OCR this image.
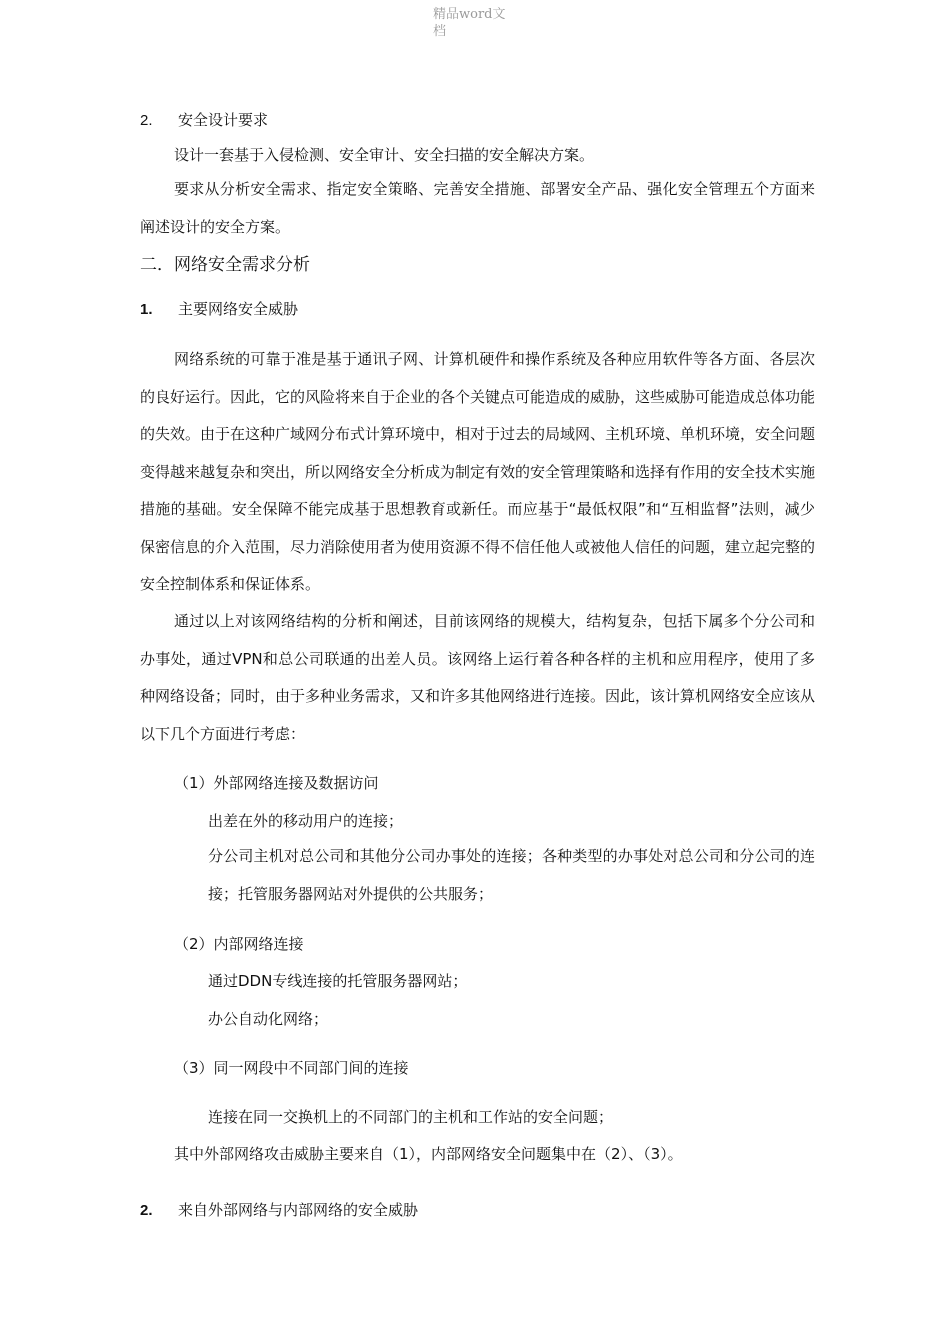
精品word文档
2. 安全设计要求
设计一套基于入侵检测、安全审计、安全扫描的安全解决方案。
要求从分析安全需求、指定安全策略、完善安全措施、部署安全产品、强化安全管理五个方面来阐述设计的安全方案。
二．网络安全需求分析
1. 主要网络安全威胁
网络系统的可靠于准是基于通讯子网、计算机硬件和操作系统及各种应用软件等各方面、各层次的良好运行。因此，它的风险将来自于企业的各个关键点可能造成的威胁，这些威胁可能造成总体功能的失效。由于在这种广域网分布式计算环境中，相对于过去的局域网、主机环境、单机环境，安全问题变得越来越复杂和突出，所以网络安全分析成为制定有效的安全管理策略和选择有作用的安全技术实施措施的基础。安全保障不能完成基于思想教育或新任。而应基于“最低权限”和“互相监督”法则，减少保密信息的介入范围，尽力消除使用者为使用资源不得不信任他人或被他人信任的问题，建立起完整的安全控制体系和保证体系。
通过以上对该网络结构的分析和阐述，目前该网络的规模大，结构复杂，包括下属多个分公司和办事处，通过VPN和总公司联通的出差人员。该网络上运行着各种各样的主机和应用程序，使用了多种网络设备；同时，由于多种业务需求，又和许多其他网络进行连接。因此，该计算机网络安全应该从以下几个方面进行考虑：
（1）外部网络连接及数据访问
出差在外的移动用户的连接；
分公司主机对总公司和其他分公司办事处的连接；各种类型的办事处对总公司和分公司的连接；托管服务器网站对外提供的公共服务；
（2）内部网络连接
通过DDN专线连接的托管服务器网站；
办公自动化网络；
（3）同一网段中不同部门间的连接
连接在同一交换机上的不同部门的主机和工作站的安全问题；
其中外部网络攻击威胁主要来自（1），内部网络安全问题集中在（2）、（3）。
2. 来自外部网络与内部网络的安全威胁
